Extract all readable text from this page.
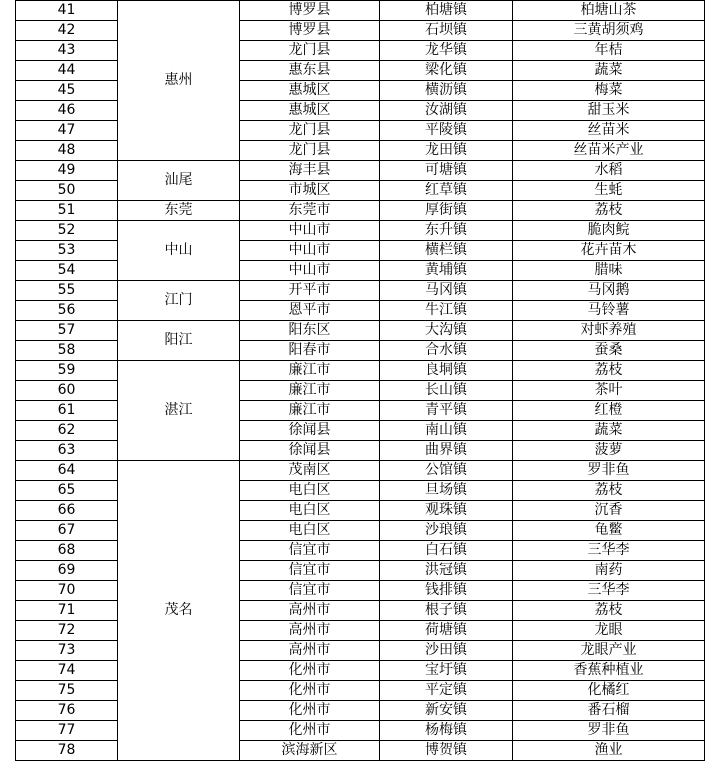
41	惠州	博罗县	柏塘镇	柏塘山茶
42		博罗县	石坝镇	三黄胡须鸡
43		龙门县	龙华镇	年桔
44		惠东县	梁化镇	蔬菜
45		惠城区	横沥镇	梅菜
46		惠城区	汝湖镇	甜玉米
47		龙门县	平陵镇	丝苗米
48		龙门县	龙田镇	丝苗米产业
49	汕尾	海丰县	可塘镇	水稻
50		市城区	红草镇	生蚝
51	东莞	东莞市	厚街镇	荔枝
52	中山	中山市	东升镇	脆肉鲩
53		中山市	横栏镇	花卉苗木
54		中山市	黄埔镇	腊味
55	江门	开平市	马冈镇	马冈鹅
56		恩平市	牛江镇	马铃薯
57	阳江	阳东区	大沟镇	对虾养殖
58		阳春市	合水镇	蚕桑
59	湛江	廉江市	良垌镇	荔枝
60		廉江市	长山镇	茶叶
61		廉江市	青平镇	红橙
62		徐闻县	南山镇	蔬菜
63		徐闻县	曲界镇	菠萝
64	茂名	茂南区	公馆镇	罗非鱼
65		电白区	旦场镇	荔枝
66		电白区	观珠镇	沉香
67		电白区	沙琅镇	龟鳖
68		信宜市	白石镇	三华李
69		信宜市	洪冠镇	南药
70		信宜市	钱排镇	三华李
71		高州市	根子镇	荔枝
72		高州市	荷塘镇	龙眼
73		高州市	沙田镇	龙眼产业
74		化州市	宝圩镇	香蕉种植业
75		化州市	平定镇	化橘红
76		化州市	新安镇	番石榴
77		化州市	杨梅镇	罗非鱼
78		滨海新区	博贺镇	渔业
